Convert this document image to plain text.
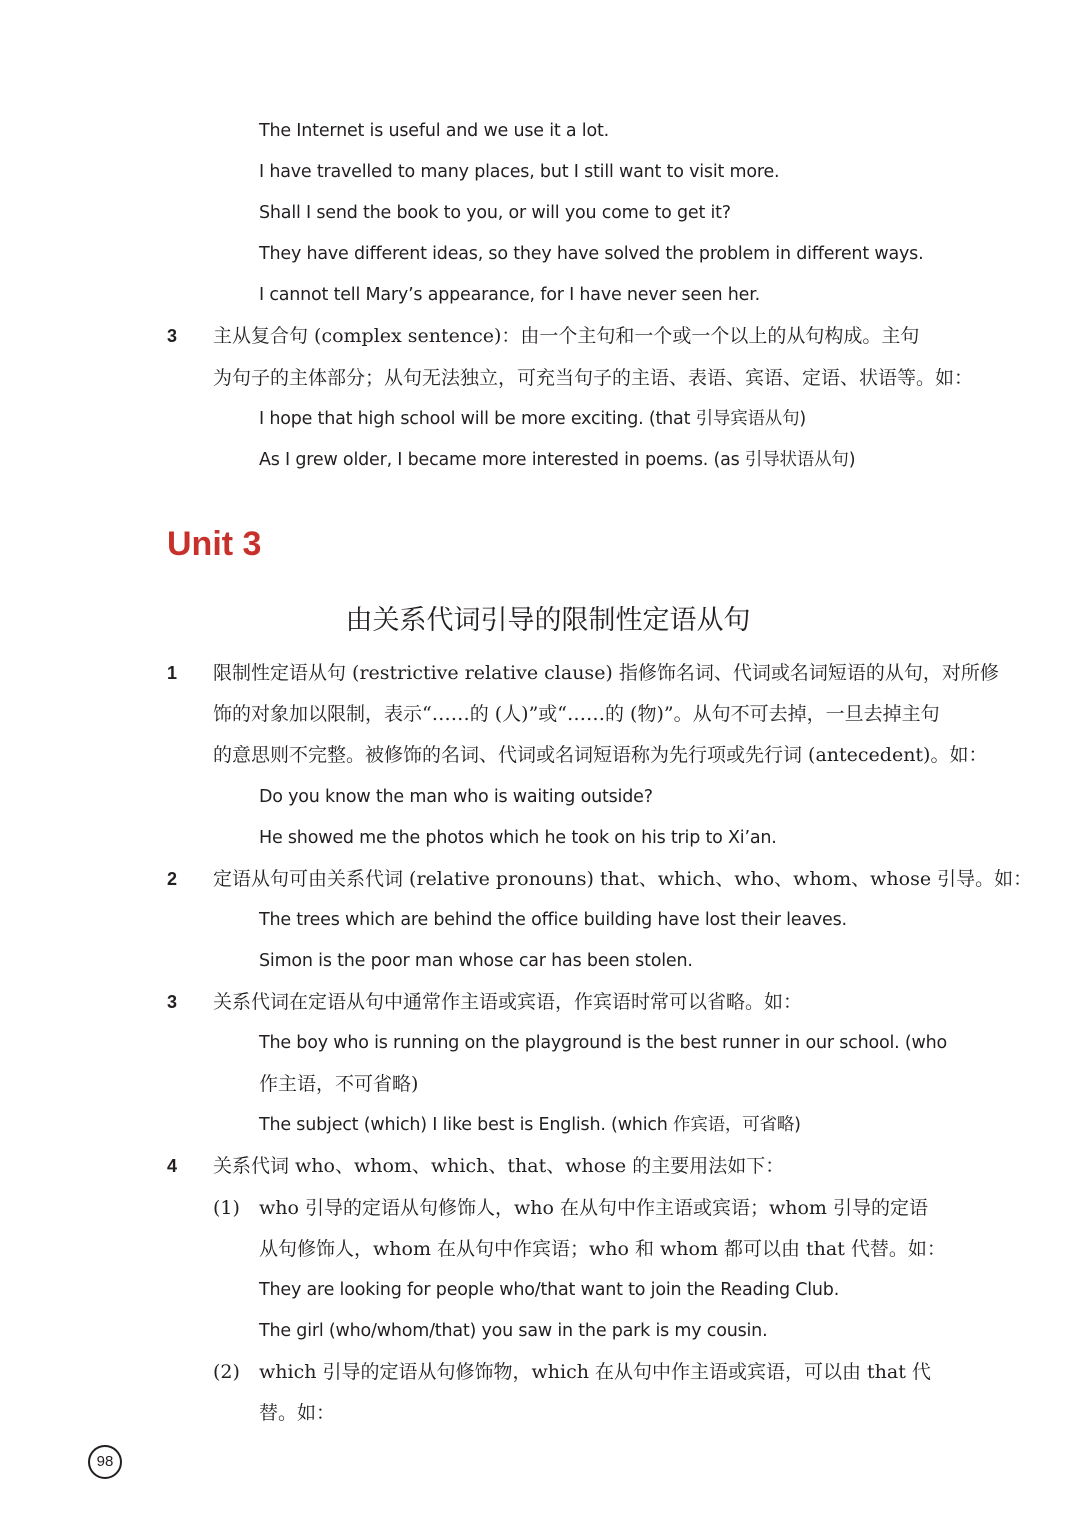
The Internet is useful and we use it a lot.
I have travelled to many places, but I still want to visit more.
Shall I send the book to you, or will you come to get it?
They have different ideas, so they have solved the problem in different ways.
I cannot tell Mary’s appearance, for I have never seen her.
3 主从复合句 (complex sentence)：由一个主句和一个或一个以上的从句构成。主句
为句子的主体部分；从句无法独立，可充当句子的主语、表语、宾语、定语、状语等。如：
I hope that high school will be more exciting. (that 引导宾语从句)
As I grew older, I became more interested in poems. (as 引导状语从句)
Unit 3
由关系代词引导的限制性定语从句
1 限制性定语从句 (restrictive relative clause) 指修饰名词、代词或名词短语的从句，对所修
饰的对象加以限制，表示“……的 (人)”或“……的 (物)”。从句不可去掉，一旦去掉主句
的意思则不完整。被修饰的名词、代词或名词短语称为先行项或先行词 (antecedent)。如：
Do you know the man who is waiting outside?
He showed me the photos which he took on his trip to Xi’an.
2 定语从句可由关系代词 (relative pronouns) that、which、who、whom、whose 引导。如：
The trees which are behind the office building have lost their leaves.
Simon is the poor man whose car has been stolen.
3 关系代词在定语从句中通常作主语或宾语，作宾语时常可以省略。如：
The boy who is running on the playground is the best runner in our school. (who
作主语，不可省略)
The subject (which) I like best is English. (which 作宾语，可省略)
4 关系代词 who、whom、which、that、whose 的主要用法如下：
(1) who 引导的定语从句修饰人，who 在从句中作主语或宾语；whom 引导的定语
从句修饰人，whom 在从句中作宾语；who 和 whom 都可以由 that 代替。如：
They are looking for people who/that want to join the Reading Club.
The girl (who/whom/that) you saw in the park is my cousin.
(2) which 引导的定语从句修饰物，which 在从句中作主语或宾语，可以由 that 代
替。如：
98
